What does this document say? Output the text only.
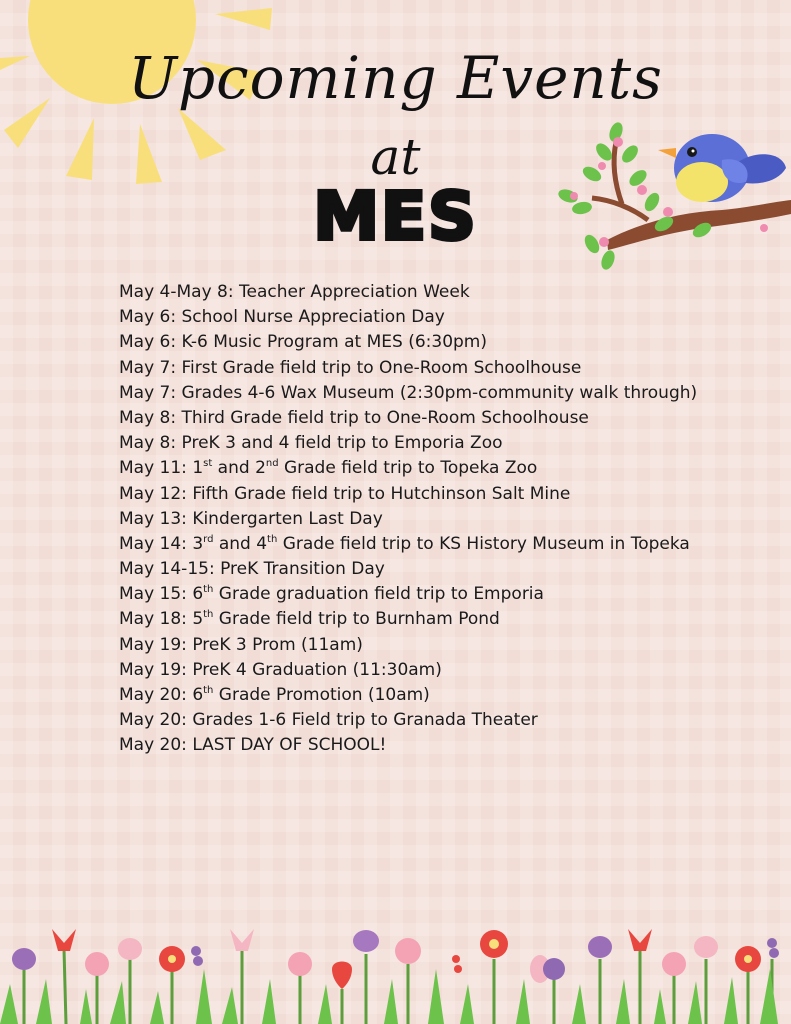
Upcoming Events
at
MES
May 4-May 8: Teacher Appreciation Week
May 6: School Nurse Appreciation Day
May 6: K-6 Music Program at MES (6:30pm)
May 7: First Grade field trip to One-Room Schoolhouse
May 7: Grades 4-6 Wax Museum (2:30pm-community walk through)
May 8: Third Grade field trip to One-Room Schoolhouse
May 8: PreK 3 and 4 field trip to Emporia Zoo
May 11: 1st and 2nd Grade field trip to Topeka Zoo
May 12: Fifth Grade field trip to Hutchinson Salt Mine
May 13: Kindergarten Last Day
May 14: 3rd and 4th Grade field trip to KS History Museum in Topeka
May 14-15: PreK Transition Day
May 15: 6th Grade graduation field trip to Emporia
May 18: 5th Grade field trip to Burnham Pond
May 19: PreK 3 Prom (11am)
May 19: PreK 4 Graduation (11:30am)
May 20: 6th Grade Promotion (10am)
May 20: Grades 1-6 Field trip to Granada Theater
May 20: LAST DAY OF SCHOOL!
